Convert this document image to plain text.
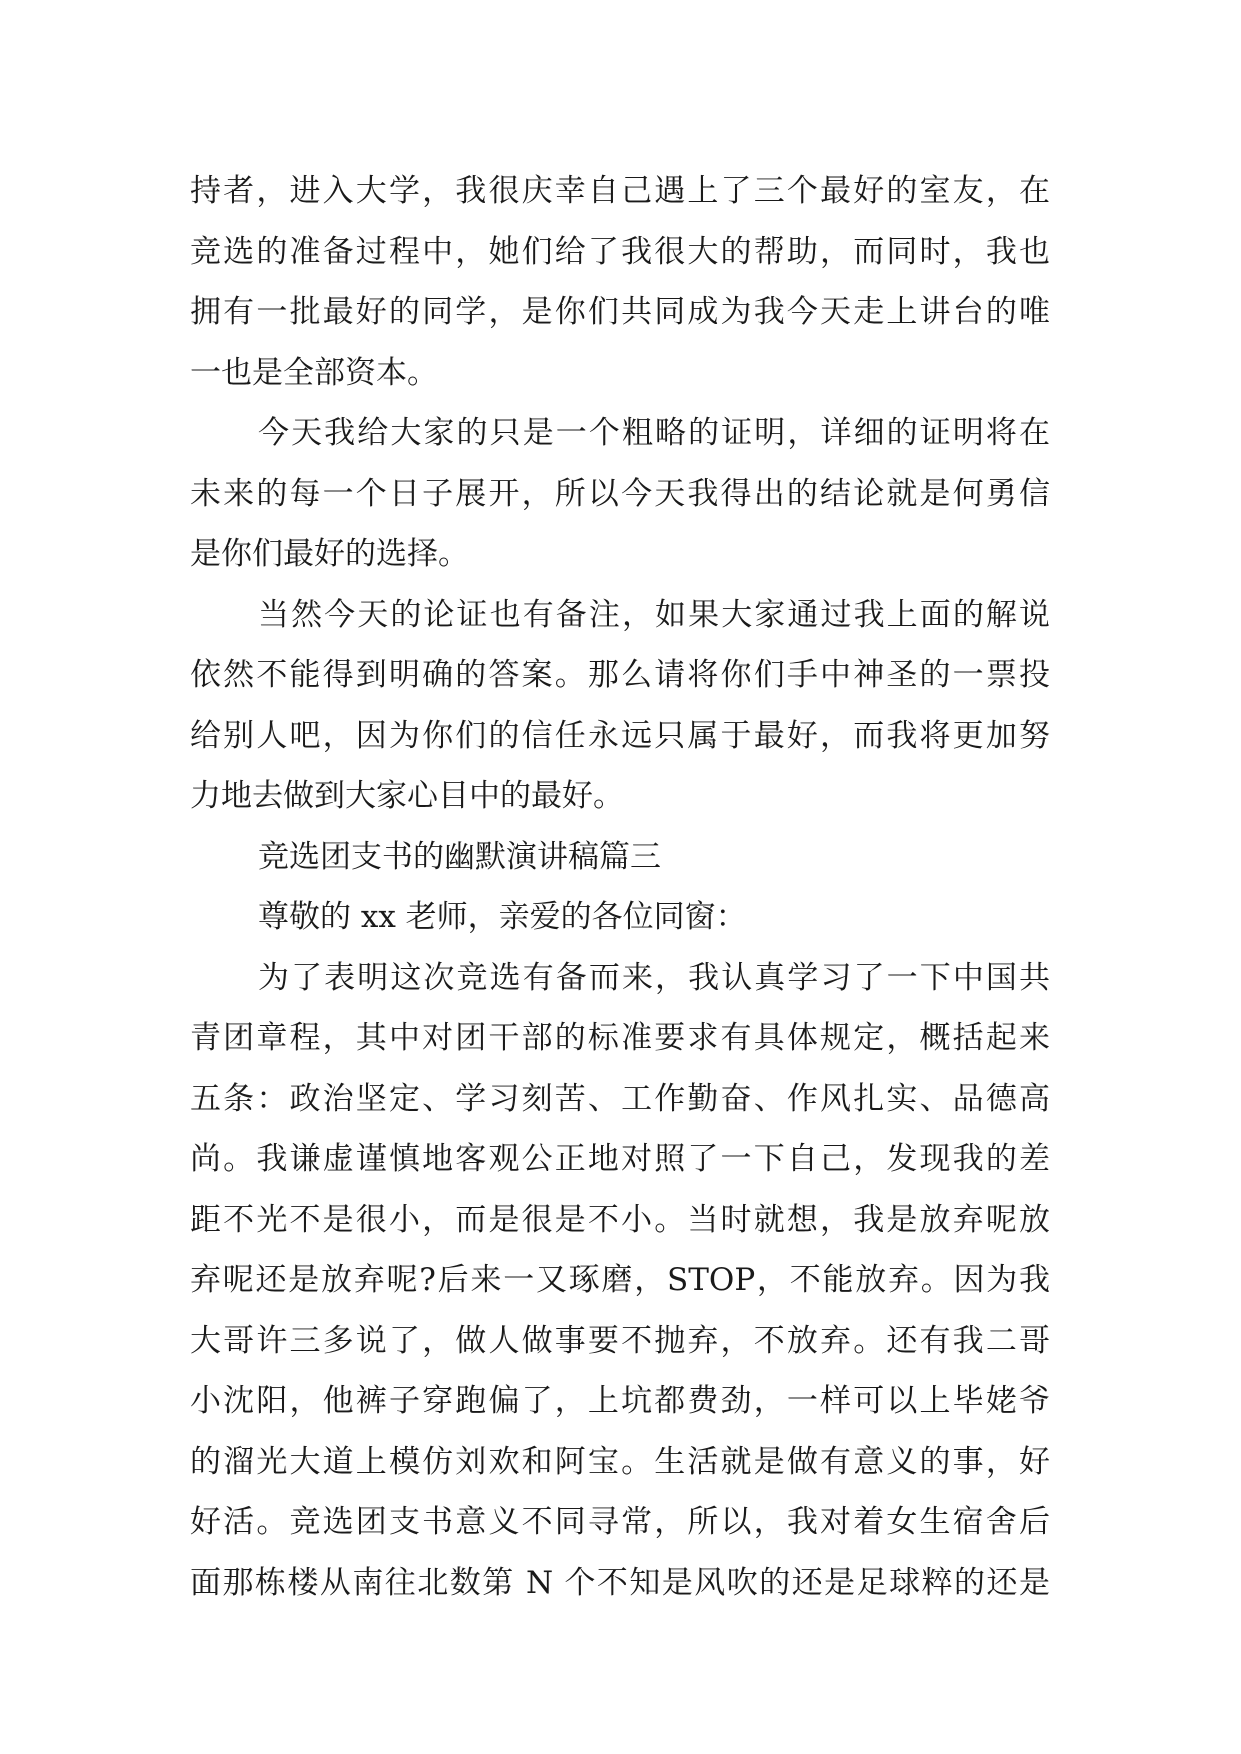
持者，进入大学，我很庆幸自己遇上了三个最好的室友，在
竞选的准备过程中，她们给了我很大的帮助，而同时，我也
拥有一批最好的同学，是你们共同成为我今天走上讲台的唯
一也是全部资本。
今天我给大家的只是一个粗略的证明，详细的证明将在
未来的每一个日子展开，所以今天我得出的结论就是何勇信
是你们最好的选择。
当然今天的论证也有备注，如果大家通过我上面的解说
依然不能得到明确的答案。那么请将你们手中神圣的一票投
给别人吧，因为你们的信任永远只属于最好，而我将更加努
力地去做到大家心目中的最好。
竞选团支书的幽默演讲稿篇三
尊敬的 xx 老师，亲爱的各位同窗：
为了表明这次竞选有备而来，我认真学习了一下中国共
青团章程，其中对团干部的标准要求有具体规定，概括起来
五条：政治坚定、学习刻苦、工作勤奋、作风扎实、品德高
尚。我谦虚谨慎地客观公正地对照了一下自己，发现我的差
距不光不是很小，而是很是不小。当时就想，我是放弃呢放
弃呢还是放弃呢?后来一又琢磨，STOP，不能放弃。因为我
大哥许三多说了，做人做事要不抛弃，不放弃。还有我二哥
小沈阳，他裤子穿跑偏了，上坑都费劲，一样可以上毕姥爷
的溜光大道上模仿刘欢和阿宝。生活就是做有意义的事，好
好活。竞选团支书意义不同寻常，所以，我对着女生宿舍后
面那栋楼从南往北数第 N 个不知是风吹的还是足球粹的还是
